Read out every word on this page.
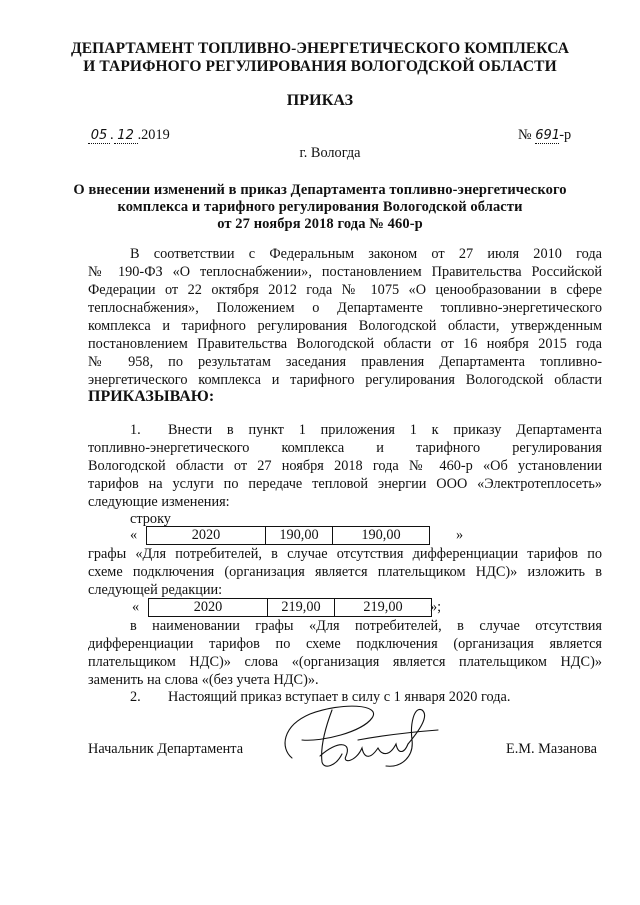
ДЕПАРТАМЕНТ ТОПЛИВНО-ЭНЕРГЕТИЧЕСКОГО КОМПЛЕКСА
И ТАРИФНОГО РЕГУЛИРОВАНИЯ ВОЛОГОДСКОЙ ОБЛАСТИ
ПРИКАЗ
05 . 12 .2019	№ 691-р
г. Вологда
О внесении изменений в приказ Департамента топливно-энергетического
комплекса и тарифного регулирования Вологодской области
от 27 ноября 2018 года № 460-р
В соответствии с Федеральным законом от 27 июля 2010 года
№ 190-ФЗ «О теплоснабжении», постановлением Правительства Российской
Федерации от 22 октября 2012 года № 1075 «О ценообразовании в сфере
теплоснабжения», Положением о Департаменте топливно-энергетического
комплекса и тарифного регулирования Вологодской области, утвержденным
постановлением Правительства Вологодской области от 16 ноября 2015 года
№ 958, по результатам заседания правления Департамента топливно-
энергетического комплекса и тарифного регулирования Вологодской области
ПРИКАЗЫВАЮ:
1. Внести в пункт 1 приложения 1 к приказу Департамента
топливно-энергетического комплекса и тарифного регулирования
Вологодской области от 27 ноября 2018 года № 460-р «Об установлении
тарифов на услуги по передаче тепловой энергии ООО «Электротеплосеть»
следующие изменения:
строку
«	2020	190,00	190,00	»
графы «Для потребителей, в случае отсутствия дифференциации тарифов по
схеме подключения (организация является плательщиком НДС)» изложить в
следующей редакции:
«	2020	219,00	219,00	»;
в наименовании графы «Для потребителей, в случае отсутствия
дифференциации тарифов по схеме подключения (организация является
плательщиком НДС)» слова «(организация является плательщиком НДС)»
заменить на слова «(без учета НДС)».
2. Настоящий приказ вступает в силу с 1 января 2020 года.
Начальник Департамента	Е.М. Мазанова
